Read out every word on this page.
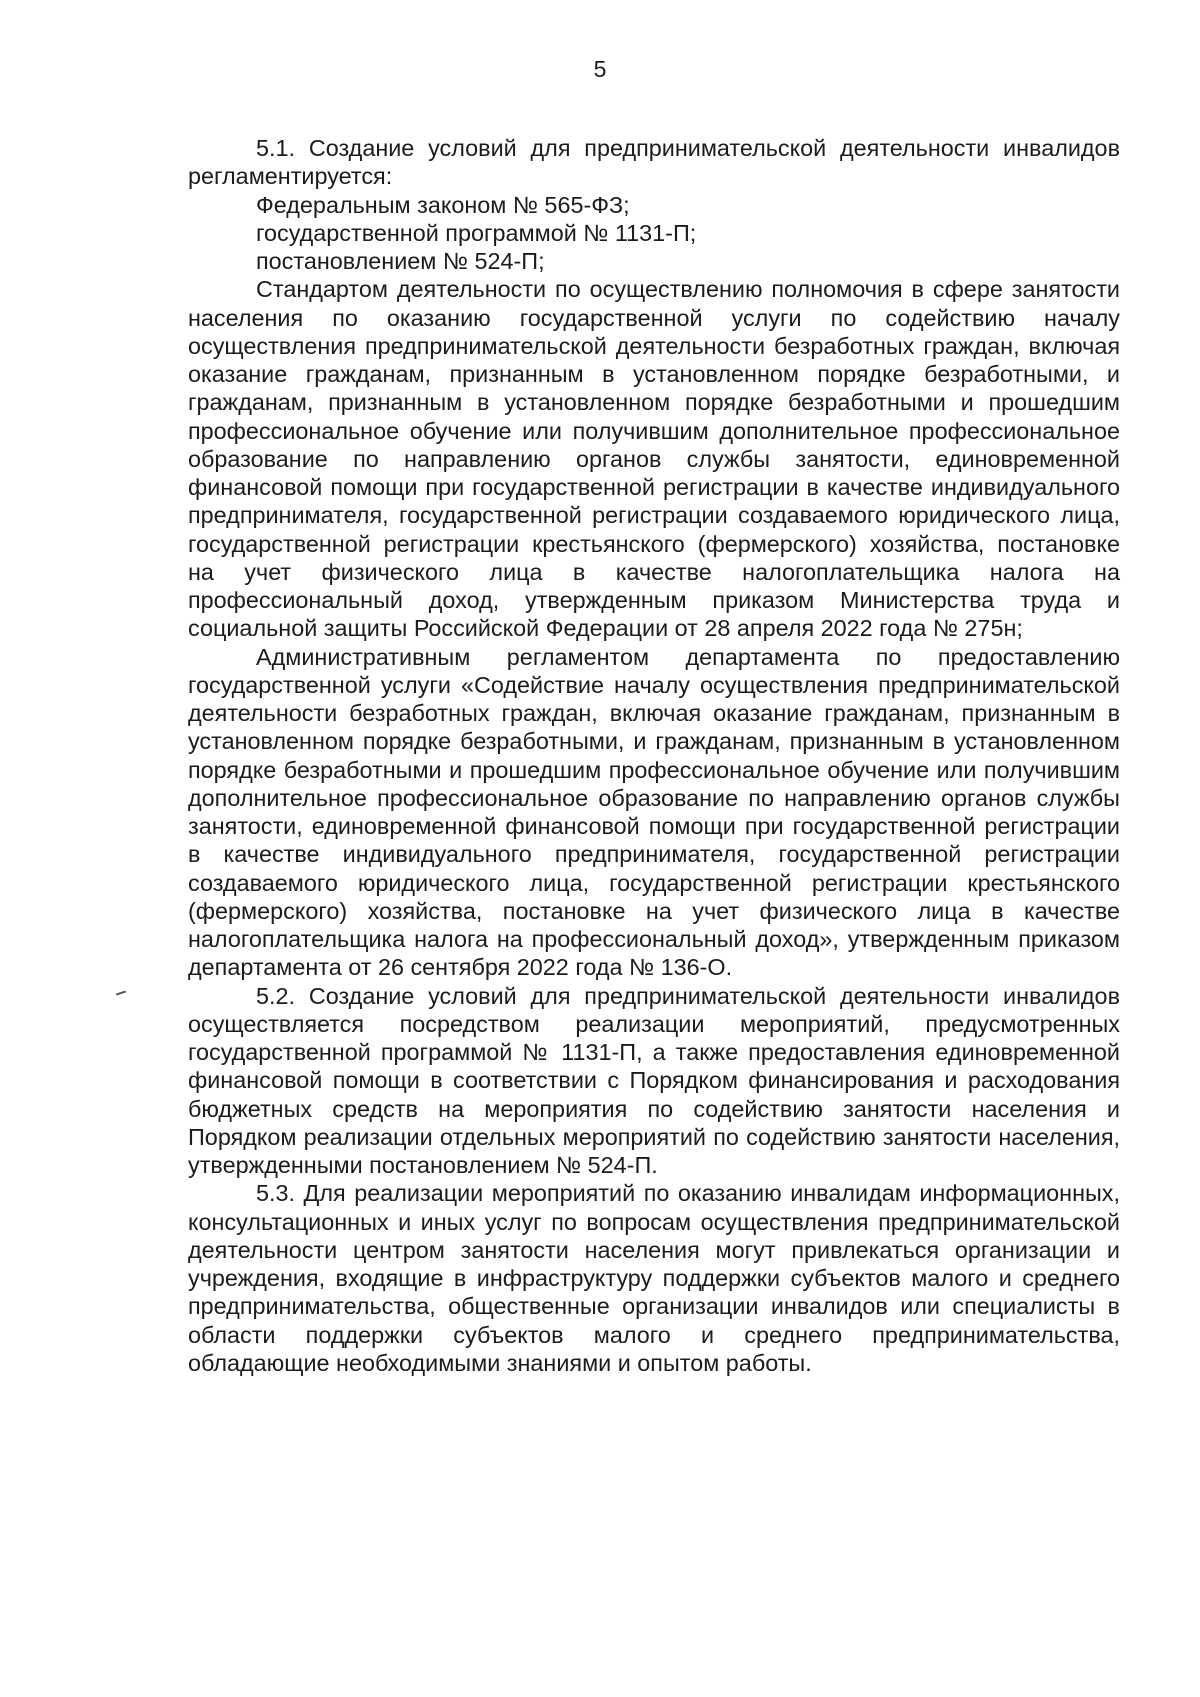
5

5.1. Создание условий для предпринимательской деятельности инвалидов регламентируется:

Федеральным законом № 565-ФЗ;

государственной программой № 1131-П;

постановлением № 524-П;

Стандартом деятельности по осуществлению полномочия в сфере занятости населения по оказанию государственной услуги по содействию началу осуществления предпринимательской деятельности безработных граждан, включая оказание гражданам, признанным в установленном порядке безработными, и гражданам, признанным в установленном порядке безработными и прошедшим профессиональное обучение или получившим дополнительное профессиональное образование по направлению органов службы занятости, единовременной финансовой помощи при государственной регистрации в качестве индивидуального предпринимателя, государственной регистрации создаваемого юридического лица, государственной регистрации крестьянского (фермерского) хозяйства, постановке на учет физического лица в качестве налогоплательщика налога на профессиональный доход, утвержденным приказом Министерства труда и социальной защиты Российской Федерации от 28 апреля 2022 года № 275н;

Административным регламентом департамента по предоставлению государственной услуги «Содействие началу осуществления предпринимательской деятельности безработных граждан, включая оказание гражданам, признанным в установленном порядке безработными, и гражданам, признанным в установленном порядке безработными и прошедшим профессиональное обучение или получившим дополнительное профессиональное образование по направлению органов службы занятости, единовременной финансовой помощи при государственной регистрации в качестве индивидуального предпринимателя, государственной регистрации создаваемого юридического лица, государственной регистрации крестьянского (фермерского) хозяйства, постановке на учет физического лица в качестве налогоплательщика налога на профессиональный доход», утвержденным приказом департамента от 26 сентября 2022 года № 136-О.

5.2. Создание условий для предпринимательской деятельности инвалидов осуществляется посредством реализации мероприятий, предусмотренных государственной программой № 1131-П, а также предоставления единовременной финансовой помощи в соответствии с Порядком финансирования и расходования бюджетных средств на мероприятия по содействию занятости населения и Порядком реализации отдельных мероприятий по содействию занятости населения, утвержденными постановлением № 524-П.

5.3. Для реализации мероприятий по оказанию инвалидам информационных, консультационных и иных услуг по вопросам осуществления предпринимательской деятельности центром занятости населения могут привлекаться организации и учреждения, входящие в инфраструктуру поддержки субъектов малого и среднего предпринимательства, общественные организации инвалидов или специалисты в области поддержки субъектов малого и среднего предпринимательства, обладающие необходимыми знаниями и опытом работы.
